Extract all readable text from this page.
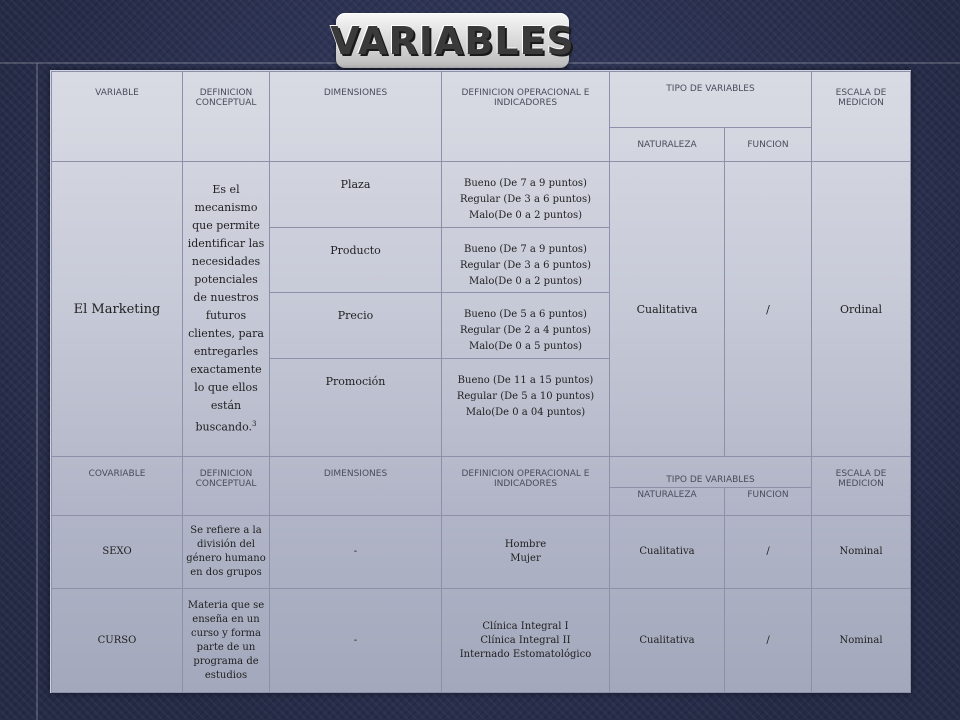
VARIABLES
VARIABLE	DEFINICION CONCEPTUAL	DIMENSIONES	DEFINICION OPERACIONAL E INDICADORES	TIPO DE VARIABLES		ESCALA DE MEDICION
				NATURALEZA	FUNCION	
El Marketing	Es el mecanismo que permite identificar las necesidades potenciales de nuestros futuros clientes, para entregarles exactamente lo que ellos están buscando.$^3$	Plaza	Bueno (De 7 a 9 puntos)
Regular (De 3 a 6 puntos)
Malo(De 0 a 2 puntos)	Cualitativa	/	Ordinal
		Producto	Bueno (De 7 a 9 puntos)
Regular (De 3 a 6 puntos)
Malo(De 0 a 2 puntos)			

		Precio	Bueno (De 5 a 6 puntos)
Regular (De 2 a 4 puntos)
Malo(De 0 a 5 puntos)			

		Promoción	Bueno (De 11 a 15 puntos)
Regular (De 5 a 10 puntos)
Malo(De 0 a 04 puntos)			

COVARIABLE	DEFINICION CONCEPTUAL	DIMENSIONES	DEFINICION OPERACIONAL E INDICADORES	TIPO DE VARIABLES		ESCALA DE MEDICION
				NATURALEZA	FUNCION	
SEXO	Se refiere a la división del género humano en dos grupos	-	Hombre
Mujer	Cualitativa	/	Nominal
CURSO	Materia que se enseña en un curso y forma parte de un programa de estudios	-	Clínica Integral I
Clínica Integral II
Internado Estomatológico	Cualitativa	/	Nominal
